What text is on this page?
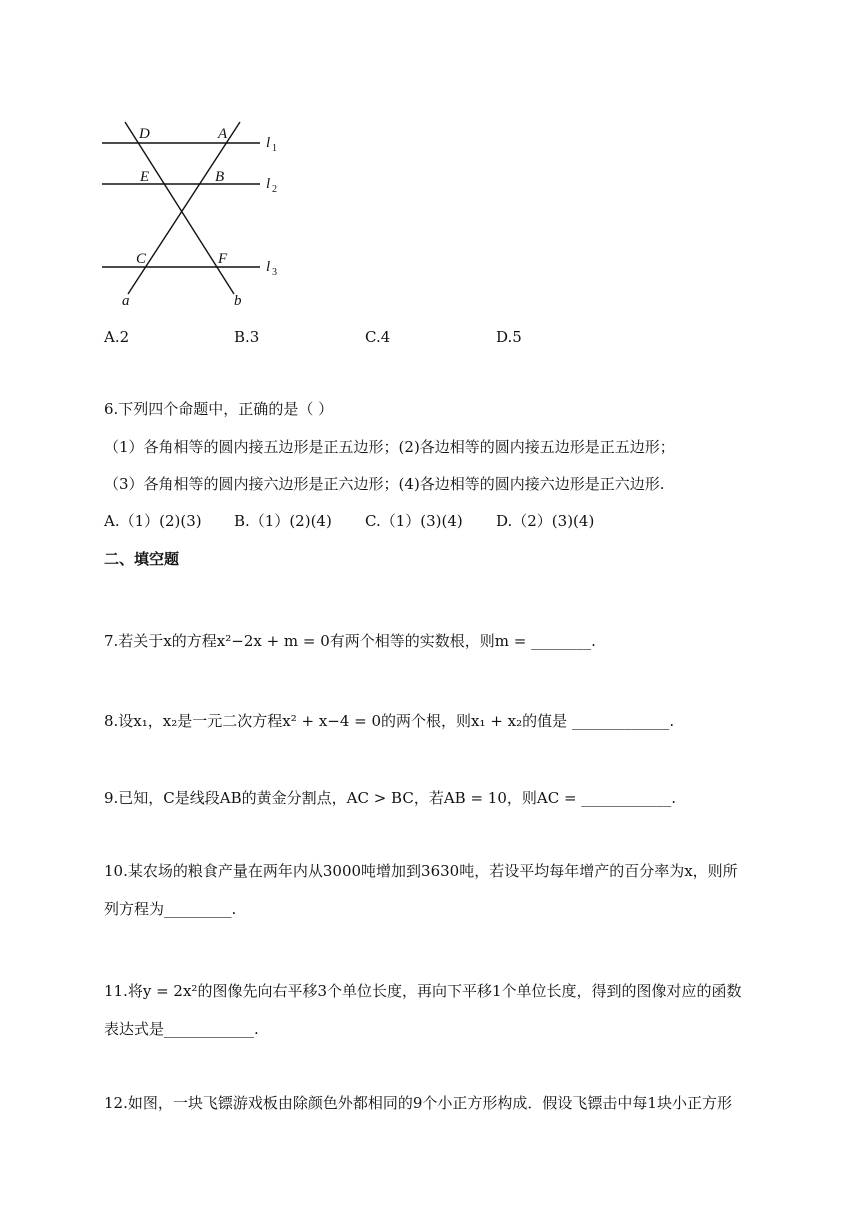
D	A
E	B
C	F
l 1
l 2
l 3
a	b
A.2	B.3	C.4	D.5
6.下列四个命题中，正确的是（ ）
（1）各角相等的圆内接五边形是正五边形；(2)各边相等的圆内接五边形是正五边形；
（3）各角相等的圆内接六边形是正六边形；(4)各边相等的圆内接六边形是正六边形.
A.（1）(2)(3) B.（1）(2)(4) C.（1）(3)(4) D.（2）(3)(4)
二、填空题
7.若关于x的方程x²−2x + m = 0有两个相等的实数根，则m = ________.
8.设x₁，x₂是一元二次方程x² + x−4 = 0的两个根，则x₁ + x₂的值是 _____________.
9.已知，C是线段AB的黄金分割点，AC > BC，若AB = 10，则AC = ____________.
10.某农场的粮食产量在两年内从3000吨增加到3630吨，若设平均每年增产的百分率为x，则所
列方程为_________.
11.将y = 2x²的图像先向右平移3个单位长度，再向下平移1个单位长度，得到的图像对应的函数
表达式是____________.
12.如图，一块飞镖游戏板由除颜色外都相同的9个小正方形构成．假设飞镖击中每1块小正方形
